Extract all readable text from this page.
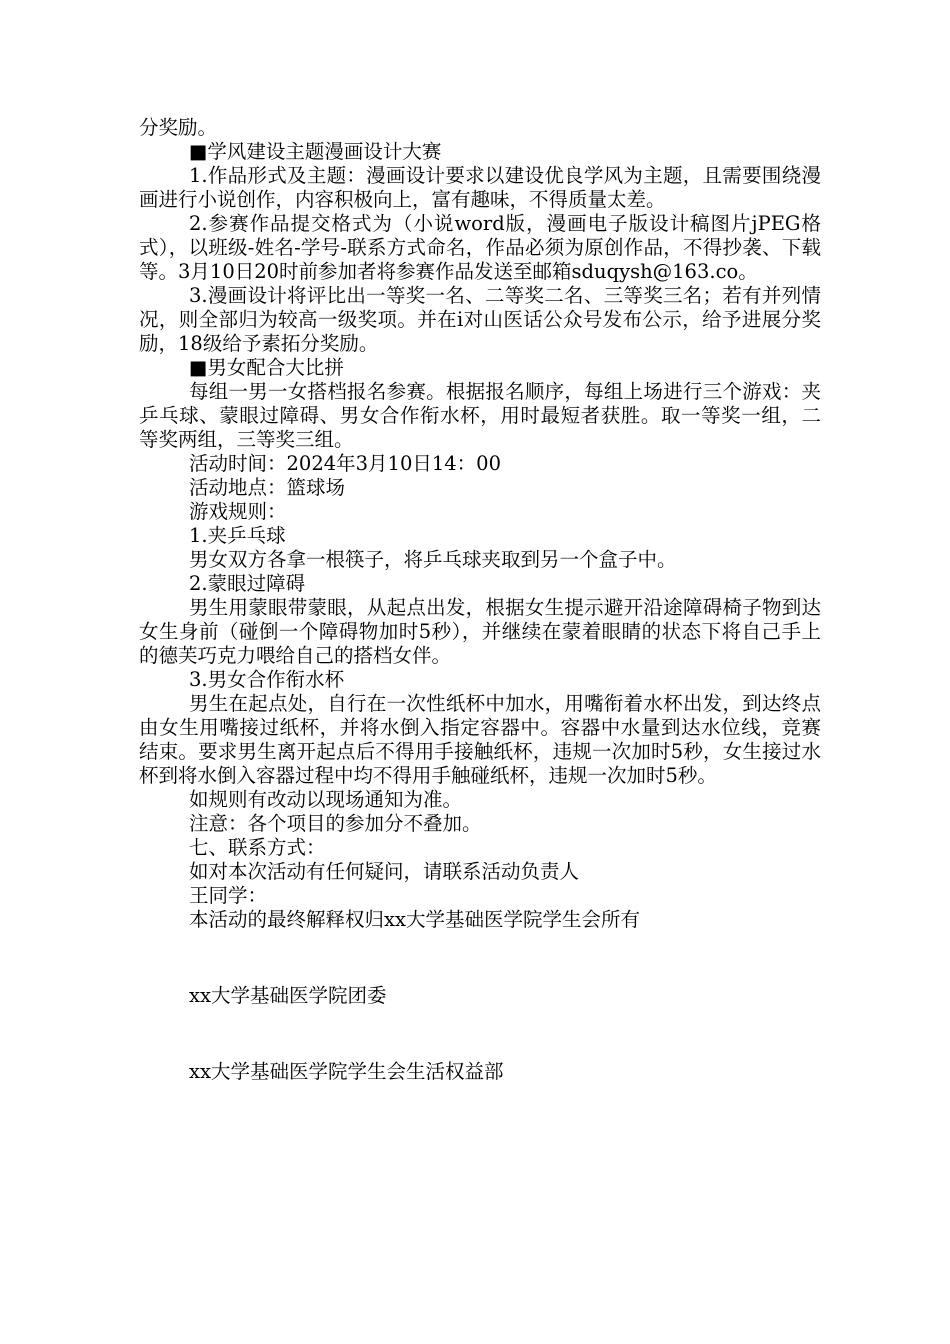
分奖励。

■学风建设主题漫画设计大赛

1.作品形式及主题：漫画设计要求以建设优良学风为主题，且需要围绕漫画进行小说创作，内容积极向上，富有趣味，不得质量太差。

2.参赛作品提交格式为（小说word版，漫画电子版设计稿图片jPEG格式），以班级-姓名-学号-联系方式命名，作品必须为原创作品，不得抄袭、下载等。3月10日20时前参加者将参赛作品发送至邮箱sduqysh@163.co。

3.漫画设计将评比出一等奖一名、二等奖二名、三等奖三名；若有并列情况，则全部归为较高一级奖项。并在i对山医话公众号发布公示，给予进展分奖励，18级给予素拓分奖励。

■男女配合大比拼

每组一男一女搭档报名参赛。根据报名顺序，每组上场进行三个游戏：夹乒乓球、蒙眼过障碍、男女合作衔水杯，用时最短者获胜。取一等奖一组，二等奖两组，三等奖三组。

活动时间：2024年3月10日14：00

活动地点：篮球场

游戏规则：

1.夹乒乓球

男女双方各拿一根筷子，将乒乓球夹取到另一个盒子中。

2.蒙眼过障碍

男生用蒙眼带蒙眼，从起点出发，根据女生提示避开沿途障碍椅子物到达女生身前（碰倒一个障碍物加时5秒），并继续在蒙着眼睛的状态下将自己手上的德芙巧克力喂给自己的搭档女伴。

3.男女合作衔水杯

男生在起点处，自行在一次性纸杯中加水，用嘴衔着水杯出发，到达终点由女生用嘴接过纸杯，并将水倒入指定容器中。容器中水量到达水位线，竞赛结束。要求男生离开起点后不得用手接触纸杯，违规一次加时5秒，女生接过水杯到将水倒入容器过程中均不得用手触碰纸杯，违规一次加时5秒。

如规则有改动以现场通知为准。

注意：各个项目的参加分不叠加。

七、联系方式：

如对本次活动有任何疑问，请联系活动负责人

王同学：

本活动的最终解释权归xx大学基础医学院学生会所有

xx大学基础医学院团委

xx大学基础医学院学生会生活权益部
